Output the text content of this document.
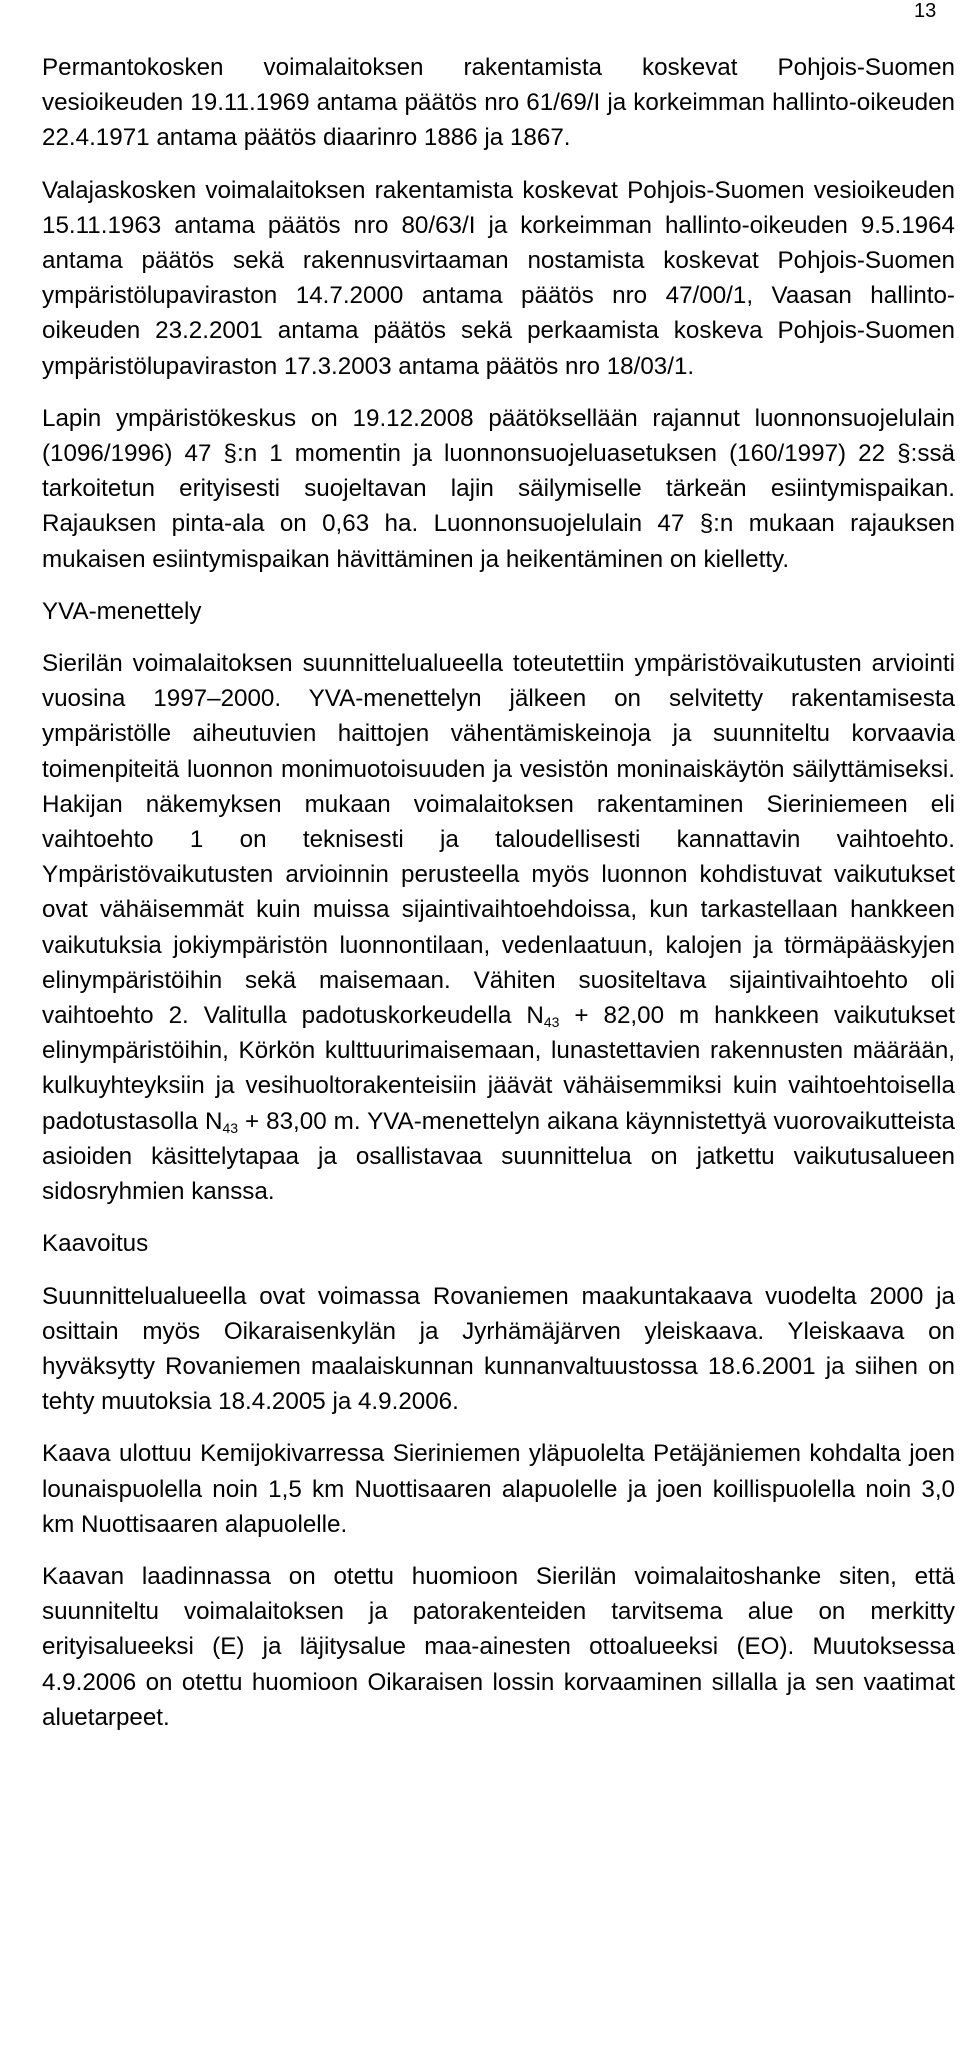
13

Permantokosken voimalaitoksen rakentamista koskevat Pohjois-Suomen vesioikeuden 19.11.1969 antama päätös nro 61/69/I ja korkeimman hallinto-oikeuden 22.4.1971 antama päätös diaarinro 1886 ja 1867.

Valajaskosken voimalaitoksen rakentamista koskevat Pohjois-Suomen vesioikeuden 15.11.1963 antama päätös nro 80/63/I ja korkeimman hallinto-oikeuden 9.5.1964 antama päätös sekä rakennusvirtaaman nostamista koskevat Pohjois-Suomen ympäristölupaviraston 14.7.2000 antama päätös nro 47/00/1, Vaasan hallinto-oikeuden 23.2.2001 antama päätös sekä perkaamista koskeva Pohjois-Suomen ympäristölupaviraston 17.3.2003 antama päätös nro 18/03/1.

Lapin ympäristökeskus on 19.12.2008 päätöksellään rajannut luonnonsuojelulain (1096/1996) 47 §:n 1 momentin ja luonnonsuojeluasetuksen (160/1997) 22 §:ssä tarkoitetun erityisesti suojeltavan lajin säilymiselle tärkeän esiintymispaikan. Rajauksen pinta-ala on 0,63 ha. Luonnonsuojelulain 47 §:n mukaan rajauksen mukaisen esiintymispaikan hävittäminen ja heikentäminen on kielletty.

YVA-menettely

Sierilän voimalaitoksen suunnittelualueella toteutettiin ympäristövaikutusten arviointi vuosina 1997–2000. YVA-menettelyn jälkeen on selvitetty rakentamisesta ympäristölle aiheutuvien haittojen vähentämiskeinoja ja suunniteltu korvaavia toimenpiteitä luonnon monimuotoisuuden ja vesistön moninaiskäytön säilyttämiseksi. Hakijan näkemyksen mukaan voimalaitoksen rakentaminen Sieriniemeen eli vaihtoehto 1 on teknisesti ja taloudellisesti kannattavin vaihtoehto. Ympäristövaikutusten arvioinnin perusteella myös luonnon kohdistuvat vaikutukset ovat vähäisemmät kuin muissa sijaintivaihtoehdoissa, kun tarkastellaan hankkeen vaikutuksia jokiympäristön luonnontilaan, vedenlaatuun, kalojen ja törmäpääskyjen elinympäristöihin sekä maisemaan. Vähiten suositeltava sijaintivaihtoehto oli vaihtoehto 2. Valitulla padotuskorkeudella $N_{43} + 82,00$ m hankkeen vaikutukset elinympäristöihin, Körkön kulttuurimaisemaan, lunastettavien rakennusten määrään, kulkuyhteyksiin ja vesihuoltorakenteisiin jäävät vähäisemmiksi kuin vaihtoehtoisella padotustasolla $N_{43} + 83,00$ m. YVA-menettelyn aikana käynnistettyä vuorovaikutteista asioiden käsittelytapaa ja osallistavaa suunnittelua on jatkettu vaikutusalueen sidosryhmien kanssa.

Kaavoitus

Suunnittelualueella ovat voimassa Rovaniemen maakuntakaava vuodelta 2000 ja osittain myös Oikaraisenkylän ja Jyrhämäjärven yleiskaava. Yleiskaava on hyväksytty Rovaniemen maalaiskunnan kunnanvaltuustossa 18.6.2001 ja siihen on tehty muutoksia 18.4.2005 ja 4.9.2006.

Kaava ulottuu Kemijokivarressa Sieriniemen yläpuolelta Petäjäniemen kohdalta joen lounaispuolella noin 1,5 km Nuottisaaren alapuolelle ja joen koillispuolella noin 3,0 km Nuottisaaren alapuolelle.

Kaavan laadinnassa on otettu huomioon Sierilän voimalaitoshanke siten, että suunniteltu voimalaitoksen ja patorakenteiden tarvitsema alue on merkitty erityisalueeksi (E) ja läjitysalue maa-ainesten ottoalueeksi (EO). Muutoksessa 4.9.2006 on otettu huomioon Oikaraisen lossin korvaaminen sillalla ja sen vaatimat aluetarpeet.
